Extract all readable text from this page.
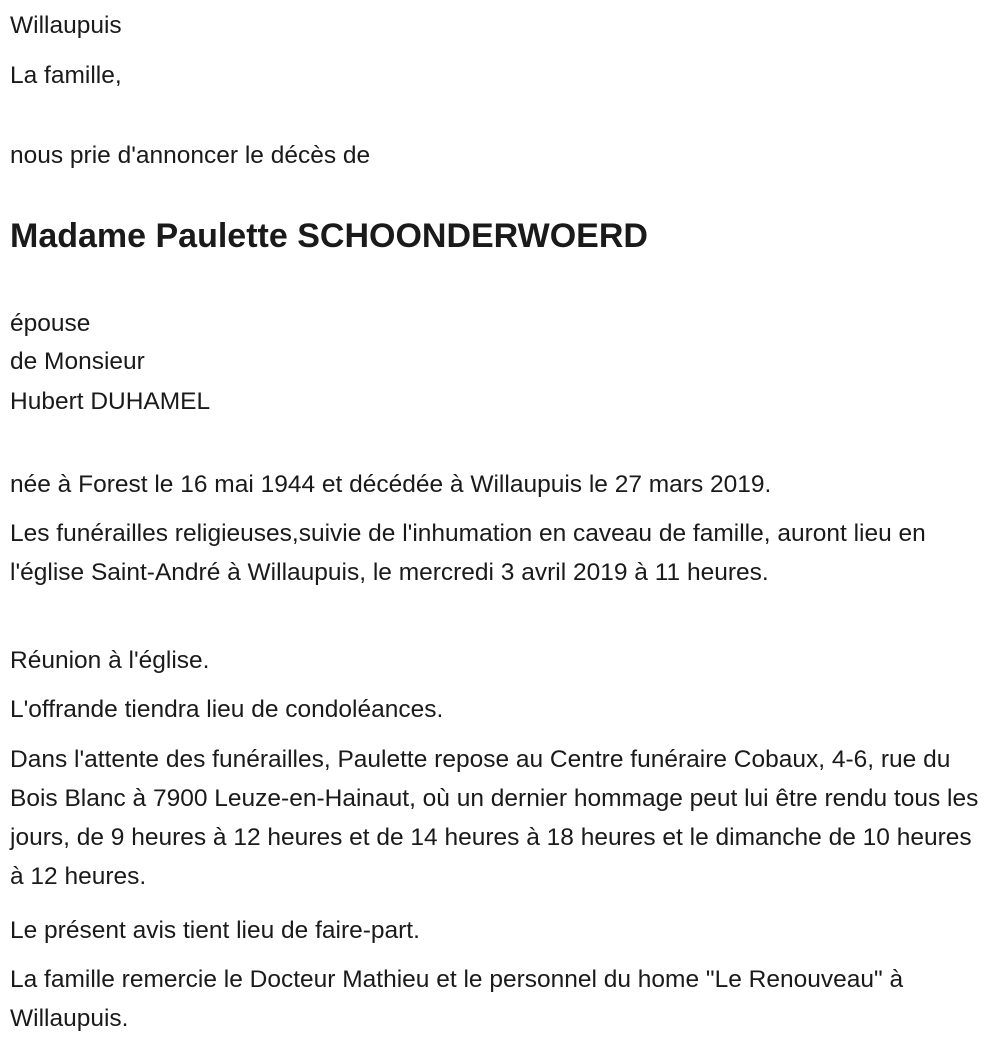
Willaupuis

La famille,

nous prie d'annoncer le décès de

Madame Paulette SCHOONDERWOERD

épouse

de Monsieur

Hubert DUHAMEL

née à Forest le 16 mai 1944 et décédée à Willaupuis le 27 mars 2019.

Les funérailles religieuses,suivie de l'inhumation en caveau de famille, auront lieu en l'église Saint-André à Willaupuis, le mercredi 3 avril 2019 à 11 heures.

Réunion à l'église.

L'offrande tiendra lieu de condoléances.

Dans l'attente des funérailles, Paulette repose au Centre funéraire Cobaux, 4-6, rue du Bois Blanc à 7900 Leuze-en-Hainaut, où un dernier hommage peut lui être rendu tous les jours, de 9 heures à 12 heures et de 14 heures à 18 heures et le dimanche de 10 heures à 12 heures.

Le présent avis tient lieu de faire-part.

La famille remercie le Docteur Mathieu et le personnel du home "Le Renouveau" à Willaupuis.
